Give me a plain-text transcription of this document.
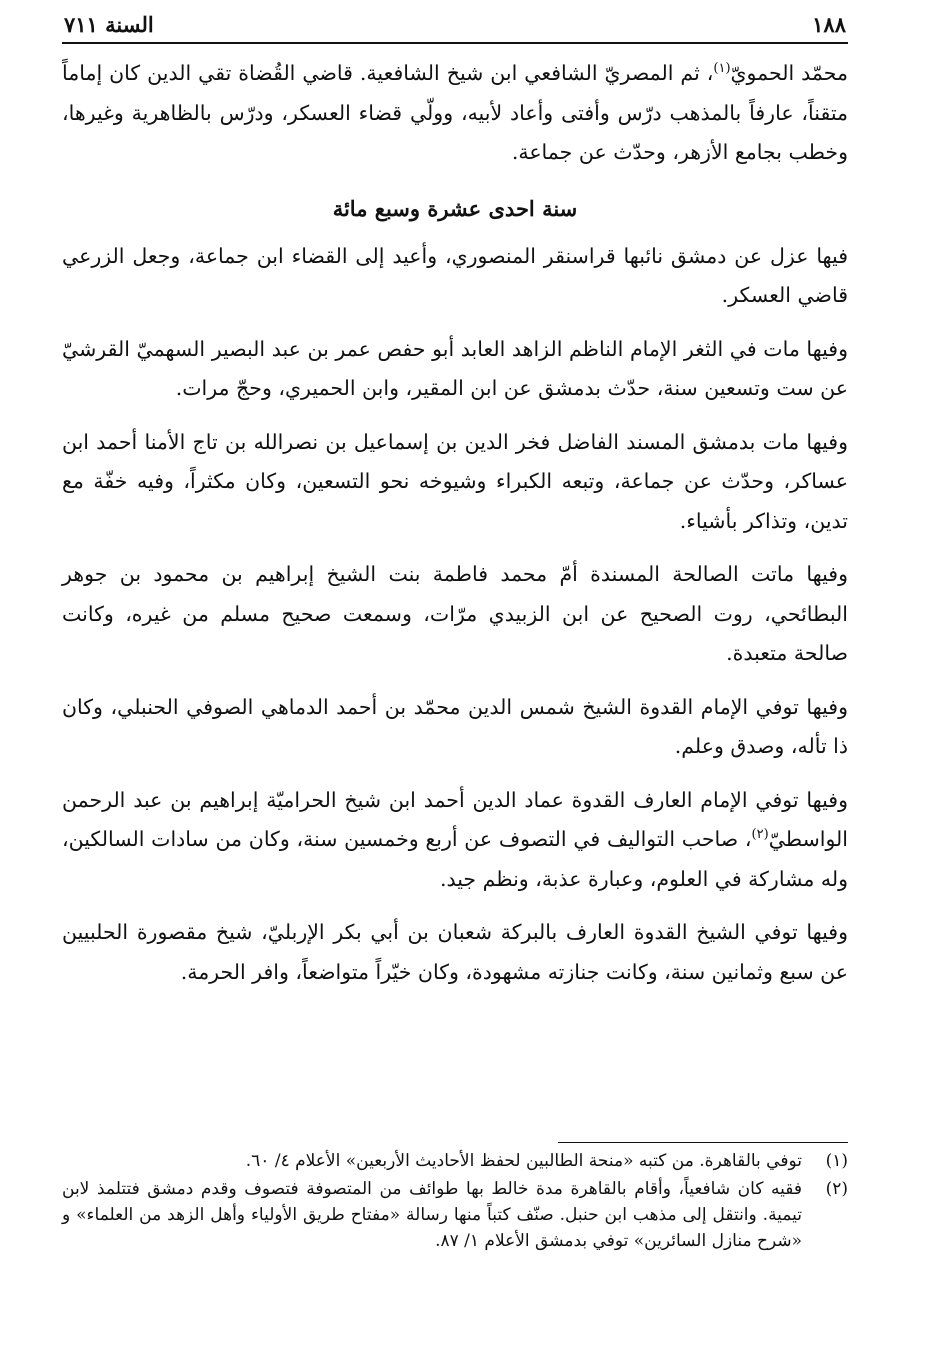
١٨٨
السنة ٧١١

محمّد الحمويّ$^{(١)}$، ثم المصريّ الشافعي ابن شيخ الشافعية. قاضي القُضاة تقي الدين كان إماماً متقناً، عارفاً بالمذهب درّس وأفتى وأعاد لأبيه، وولّي قضاء العسكر، ودرّس بالظاهرية وغيرها، وخطب بجامع الأزهر، وحدّث عن جماعة.

سنة احدى عشرة وسبع مائة

فيها عزل عن دمشق نائبها قراسنقر المنصوري، وأعيد إلى القضاء ابن جماعة، وجعل الزرعي قاضي العسكر.

وفيها مات في الثغر الإمام الناظم الزاهد العابد أبو حفص عمر بن عبد البصير السهميّ القرشيّ عن ست وتسعين سنة، حدّث بدمشق عن ابن المقير، وابن الحميري، وحجّ مرات.

وفيها مات بدمشق المسند الفاضل فخر الدين بن إسماعيل بن نصرالله بن تاج الأمنا أحمد ابن عساكر، وحدّث عن جماعة، وتبعه الكبراء وشيوخه نحو التسعين، وكان مكثراً، وفيه خفّة مع تدين، وتذاكر بأشياء.

وفيها ماتت الصالحة المسندة أمّ محمد فاطمة بنت الشيخ إبراهيم بن محمود بن جوهر البطائحي، روت الصحيح عن ابن الزبيدي مرّات، وسمعت صحيح مسلم من غيره، وكانت صالحة متعبدة.

وفيها توفي الإمام القدوة الشيخ شمس الدين محمّد بن أحمد الدماهي الصوفي الحنبلي، وكان ذا تأله، وصدق وعلم.

وفيها توفي الإمام العارف القدوة عماد الدين أحمد ابن شيخ الحراميّة إبراهيم بن عبد الرحمن الواسطيّ$^{(٢)}$، صاحب التواليف في التصوف عن أربع وخمسين سنة، وكان من سادات السالكين، وله مشاركة في العلوم، وعبارة عذبة، ونظم جيد.

وفيها توفي الشيخ القدوة العارف بالبركة شعبان بن أبي بكر الإربليّ، شيخ مقصورة الحلبيين عن سبع وثمانين سنة، وكانت جنازته مشهودة، وكان خيّراً متواضعاً، وافر الحرمة.

(١)
توفي بالقاهرة. من كتبه «منحة الطالبين لحفظ الأحاديث الأربعين» الأعلام ٤/ ٦٠.
(٢)
فقيه كان شافعياً، وأقام بالقاهرة مدة خالط بها طوائف من المتصوفة فتصوف وقدم دمشق فتتلمذ لابن تيمية. وانتقل إلى مذهب ابن حنبل. صنّف كتباً منها رسالة «مفتاح طريق الأولياء وأهل الزهد من العلماء» و «شرح منازل السائرين» توفي بدمشق الأعلام ١/ ٨٧.
